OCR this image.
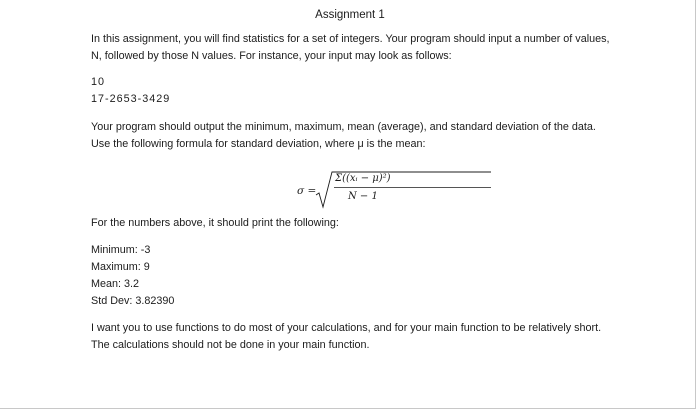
Assignment 1

In this assignment, you will find statistics for a set of integers. Your program should input a number of values, N, followed by those N values. For instance, your input may look as follows:

10
17-2653-3429

Your program should output the minimum, maximum, mean (average), and standard deviation of the data. Use the following formula for standard deviation, where μ is the mean:

σ =
Σ((xᵢ − μ)²)
N − 1

For the numbers above, it should print the following:

Minimum: -3
Maximum: 9
Mean: 3.2
Std Dev: 3.82390

I want you to use functions to do most of your calculations, and for your main function to be relatively short. The calculations should not be done in your main function.
